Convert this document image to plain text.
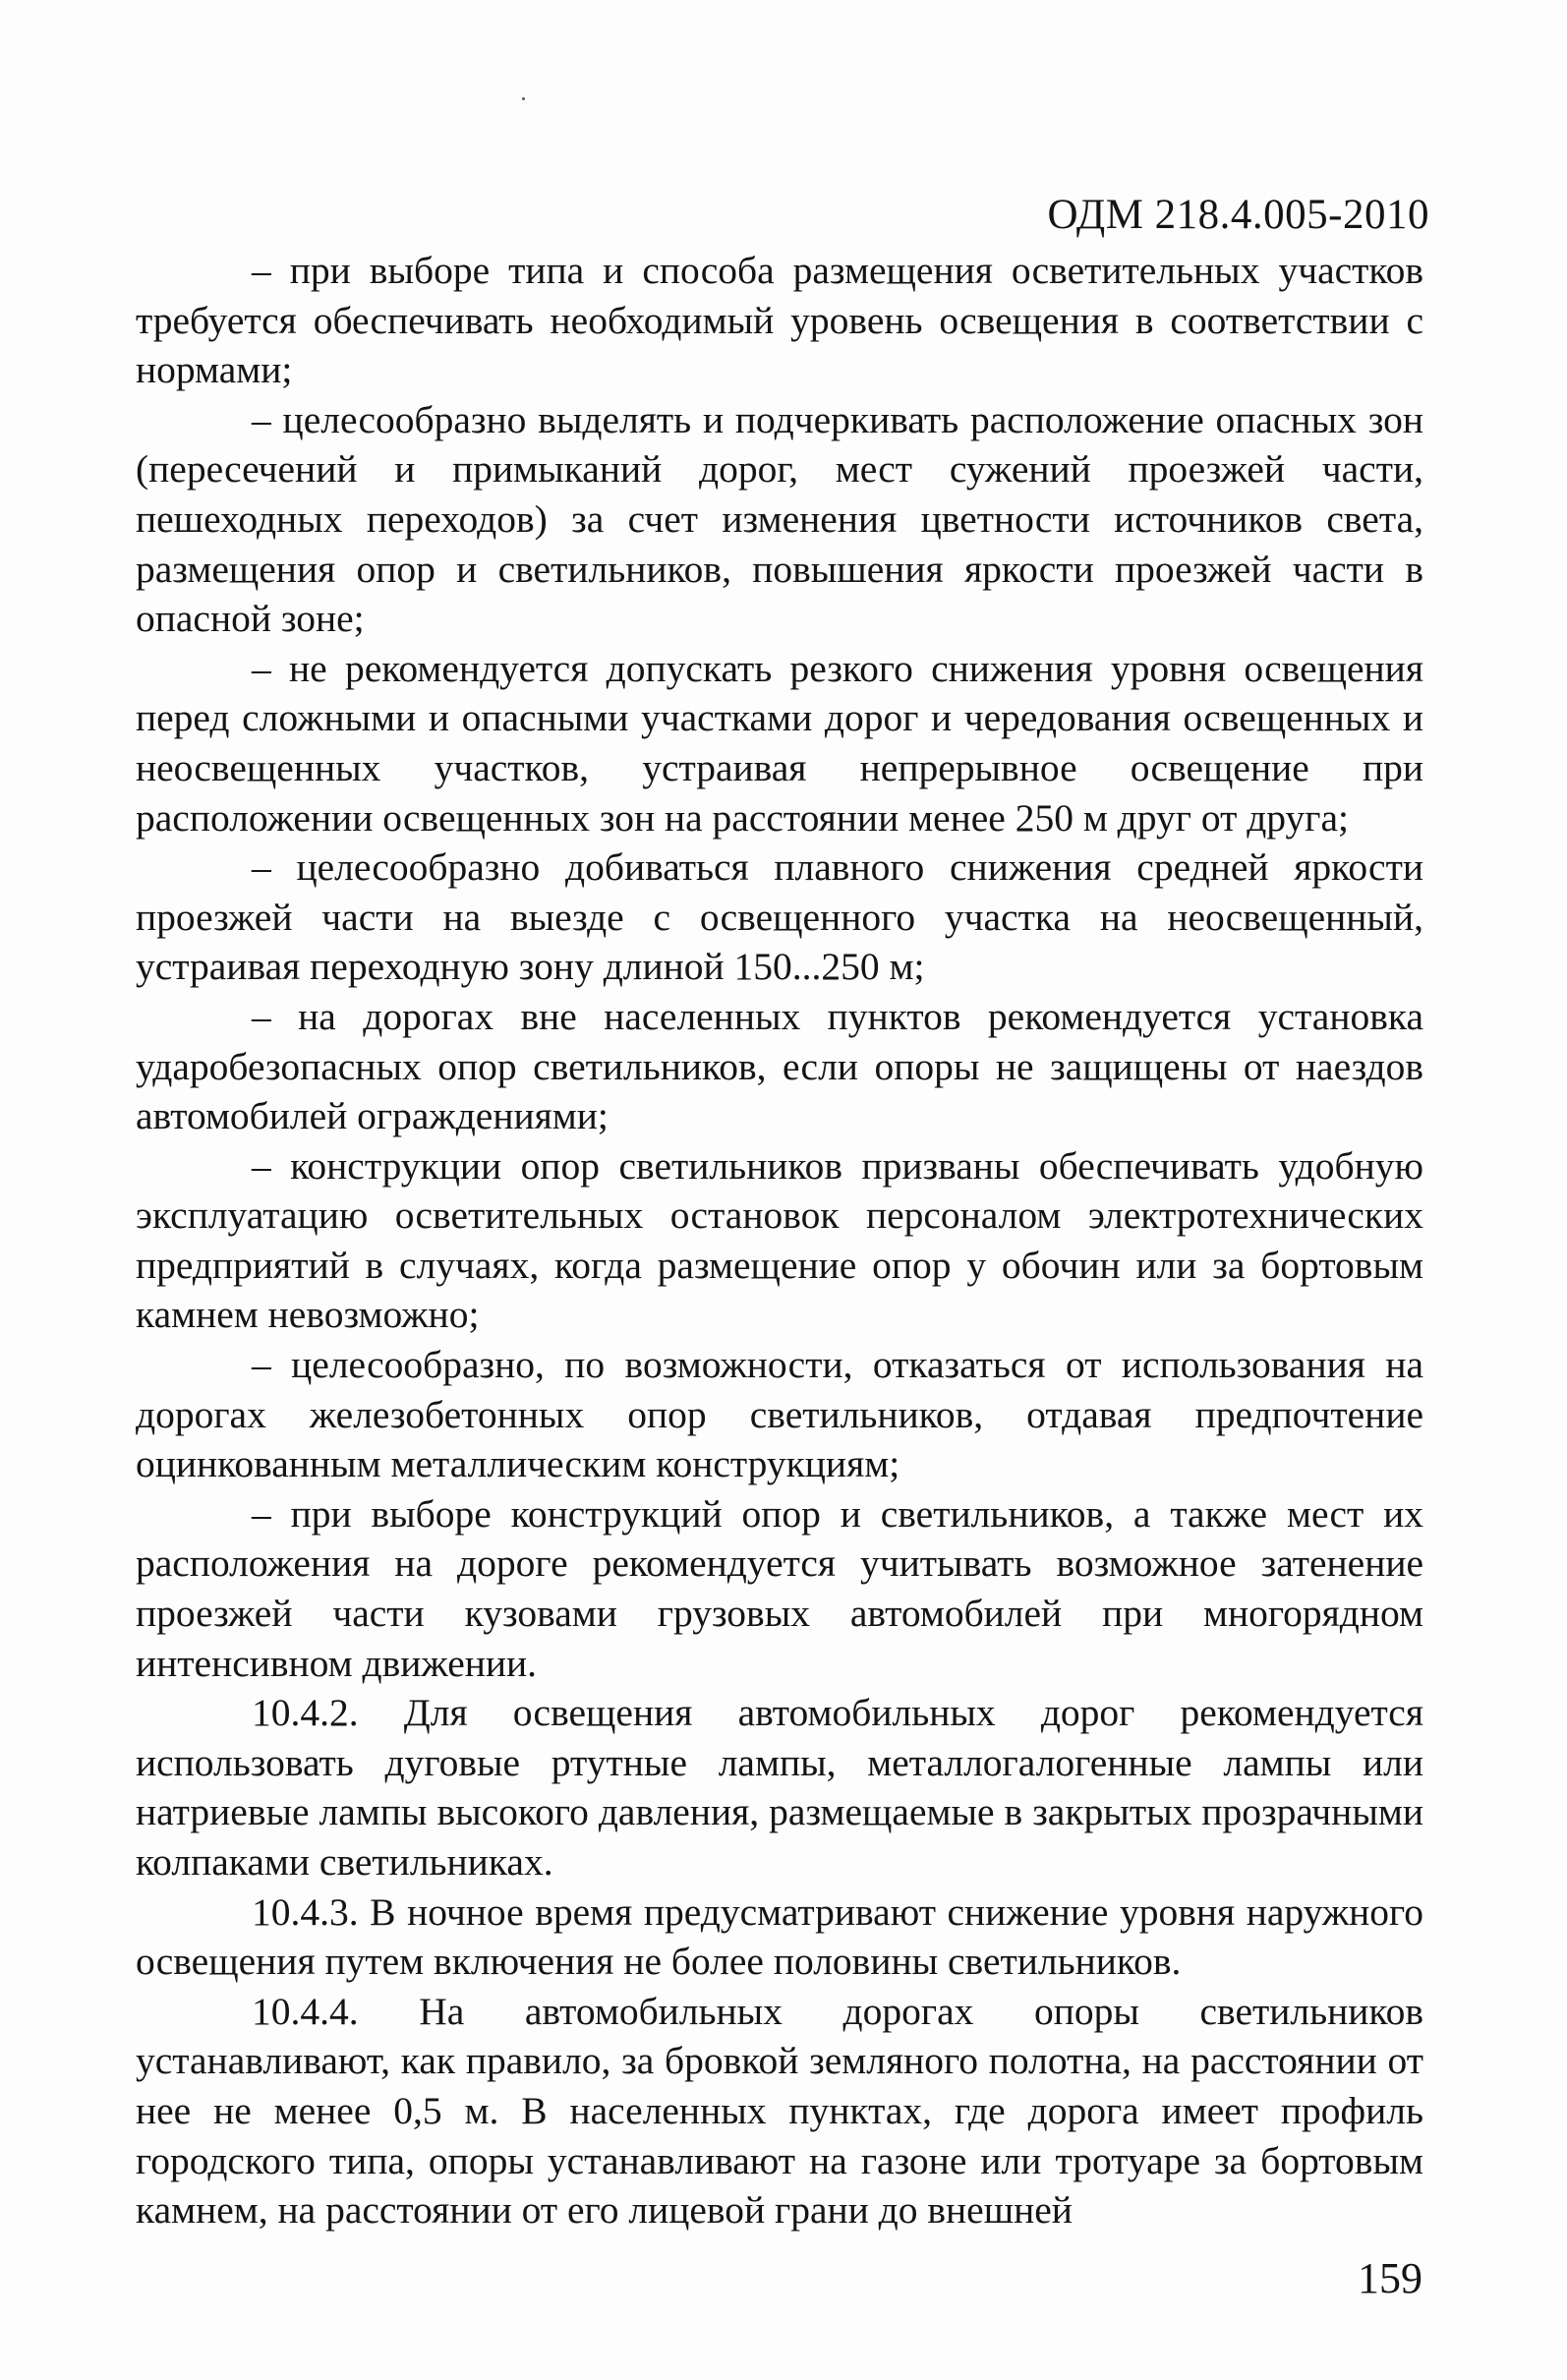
ОДМ 218.4.005-2010

– при выборе типа и способа размещения осветительных участков требуется обеспечивать необходимый уровень освещения в соответствии с нормами;

– целесообразно выделять и подчеркивать расположение опасных зон (пересечений и примыканий дорог, мест сужений проезжей части, пешеходных переходов) за счет изменения цветности источников света, размещения опор и светильников, повышения яркости проезжей части в опасной зоне;

– не рекомендуется допускать резкого снижения уровня освещения перед сложными и опасными участками дорог и чередования освещенных и неосвещенных участков, устраивая непрерывное освещение при расположении освещенных зон на расстоянии менее 250 м друг от друга;

– целесообразно добиваться плавного снижения средней яркости проезжей части на выезде с освещенного участка на неосвещенный, устраивая переходную зону длиной 150...250 м;

– на дорогах вне населенных пунктов рекомендуется установка ударобезопасных опор светильников, если опоры не защищены от наездов автомобилей ограждениями;

– конструкции опор светильников призваны обеспечивать удобную эксплуатацию осветительных остановок персоналом электротехнических предприятий в случаях, когда размещение опор у обочин или за бортовым камнем невозможно;

– целесообразно, по возможности, отказаться от использования на дорогах железобетонных опор светильников, отдавая предпочтение оцинкованным металлическим конструкциям;

– при выборе конструкций опор и светильников, а также мест их расположения на дороге рекомендуется учитывать возможное затенение проезжей части кузовами грузовых автомобилей при многорядном интенсивном движении.

10.4.2. Для освещения автомобильных дорог рекомендуется использовать дуговые ртутные лампы, металлогалогенные лампы или натриевые лампы высокого давления, размещаемые в закрытых прозрачными колпаками светильниках.

10.4.3. В ночное время предусматривают снижение уровня наружного освещения путем включения не более половины светильников.

10.4.4. На автомобильных дорогах опоры светильников устанавливают, как правило, за бровкой земляного полотна, на расстоянии от нее не менее 0,5 м. В населенных пунктах, где дорога имеет профиль городского типа, опоры устанавливают на газоне или тротуаре за бортовым камнем, на расстоянии от его лицевой грани до внешней

159
